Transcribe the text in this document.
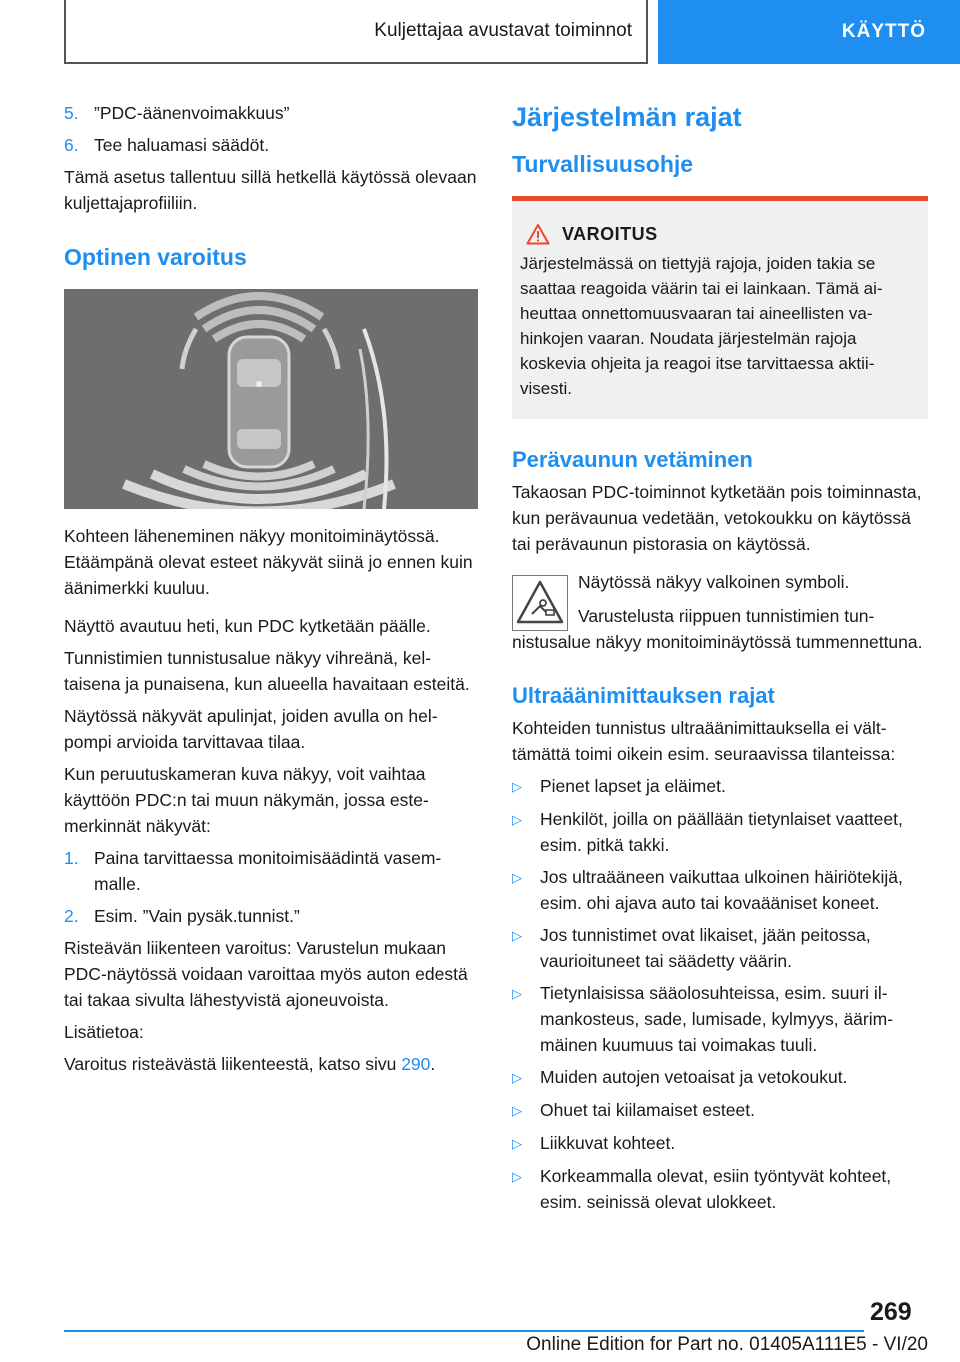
Kuljettajaa avustavat toiminnot	KÄYTTÖ
5. ”PDC-äänenvoimakkuus”
6. Tee haluamasi säädöt.

Tämä asetus tallentuu sillä hetkellä käytössä olevaan kuljettajaprofiiliin.

Optinen varoitus

Kohteen läheneminen näkyy monitoiminäytössä. Etäämpänä olevat esteet näkyvät siinä jo ennen kuin äänimerkki kuuluu.

Näyttö avautuu heti, kun PDC kytketään päälle.

Tunnistimien tunnistusalue näkyy vihreänä, keltaisena ja punaisena, kun alueella havaitaan esteitä.

Näytössä näkyvät apulinjat, joiden avulla on helpompi arvioida tarvittavaa tilaa.

Kun peruutuskameran kuva näkyy, voit vaihtaa käyttöön PDC:n tai muun näkymän, jossa estemerkinnät näkyvät:

1. Paina tarvittaessa monitoimisäädintä vasemmalle.
2. Esim. ”Vain pysäk.tunnist.”

Risteävän liikenteen varoitus: Varustelun mukaan PDC-näytössä voidaan varoittaa myös auton edestä tai takaa sivulta lähestyvistä ajoneuvoista.

Lisätietoa:

Varoitus risteävästä liikenteestä, katso sivu 290.

Järjestelmän rajat
Turvallisuusohje
VAROITUS

Järjestelmässä on tiettyjä rajoja, joiden takia se saattaa reagoida väärin tai ei lainkaan. Tämä aiheuttaa onnettomuusvaaran tai aineellisten vahinkojen vaaran. Noudata järjestelmän rajoja koskevia ohjeita ja reagoi itse tarvittaessa aktiivisesti.

Perävaunun vetäminen

Takaosan PDC-toiminnot kytketään pois toiminnasta, kun perävaunua vedetään, vetokoukku on käytössä tai perävaunun pistorasia on käytössä.

Näytössä näkyy valkoinen symboli.

Varustelusta riippuen tunnistimien tunnistusalue näkyy monitoiminäytössä tummennettuna.

Ultraäänimittauksen rajat

Kohteiden tunnistus ultraäänimittauksella ei välttämättä toimi oikein esim. seuraavissa tilanteissa:

▷	Pienet lapset ja eläimet.
▷	Henkilöt, joilla on päällään tietynlaiset vaatteet, esim. pitkä takki.
▷	Jos ultraääneen vaikuttaa ulkoinen häiriötekijä, esim. ohi ajava auto tai kovaääniset koneet.
▷	Jos tunnistimet ovat likaiset, jään peitossa, vaurioituneet tai säädetty väärin.
▷	Tietynlaisissa sääolosuhteissa, esim. suuri ilmankosteus, sade, lumisade, kylmyys, äärimmäinen kuumuus tai voimakas tuuli.
▷	Muiden autojen vetoaisat ja vetokoukut.
▷	Ohuet tai kiilamaiset esteet.
▷	Liikkuvat kohteet.
▷	Korkeammalla olevat, esiin työntyvät kohteet, esim. seinissä olevat ulokkeet.
269
Online Edition for Part no. 01405A111E5 - VI/20
